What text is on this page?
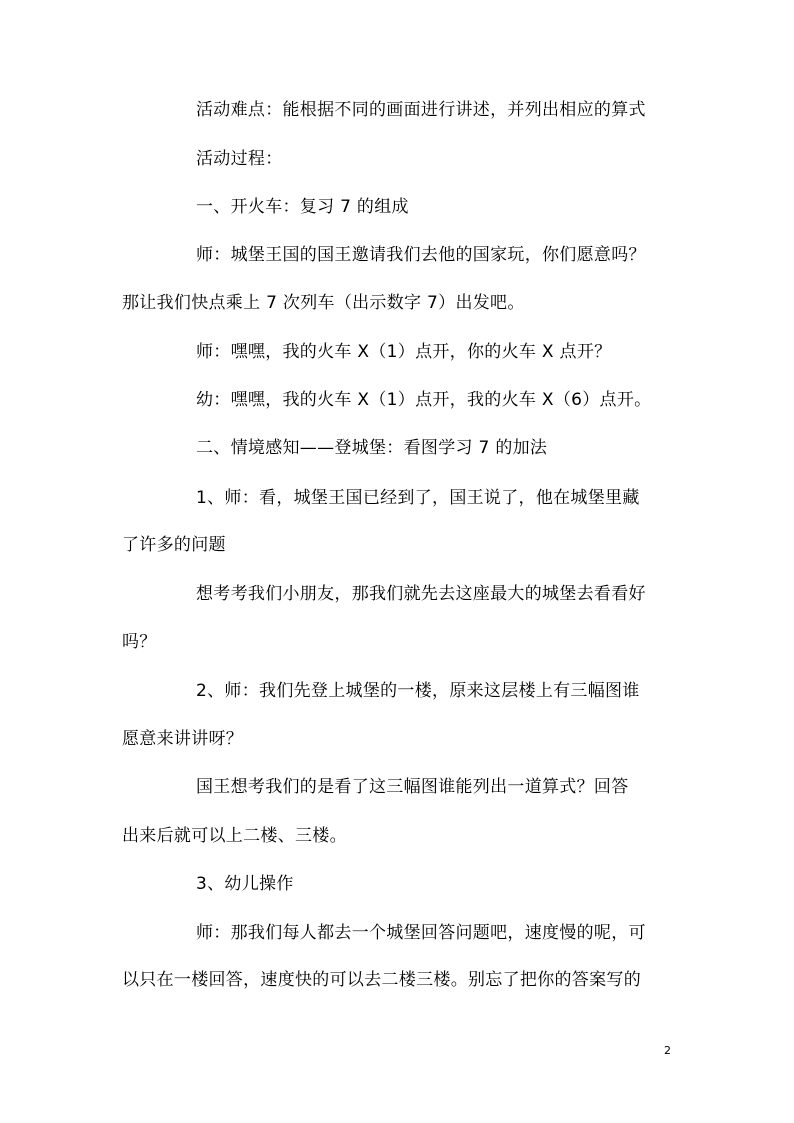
活动难点：能根据不同的画面进行讲述，并列出相应的算式
活动过程：
一、开火车：复习 7 的组成
师：城堡王国的国王邀请我们去他的国家玩，你们愿意吗？
那让我们快点乘上 7 次列车（出示数字 7）出发吧。
师：嘿嘿，我的火车 X（1）点开，你的火车 X 点开？
幼：嘿嘿，我的火车 X（1）点开，我的火车 X（6）点开。
二、情境感知——登城堡：看图学习 7 的加法
1、师：看，城堡王国已经到了，国王说了，他在城堡里藏
了许多的问题
想考考我们小朋友，那我们就先去这座最大的城堡去看看好
吗？
2、师：我们先登上城堡的一楼，原来这层楼上有三幅图谁
愿意来讲讲呀？
国王想考我们的是看了这三幅图谁能列出一道算式？回答
出来后就可以上二楼、三楼。
3、幼儿操作
师：那我们每人都去一个城堡回答问题吧，速度慢的呢，可
以只在一楼回答，速度快的可以去二楼三楼。别忘了把你的答案写的
2
